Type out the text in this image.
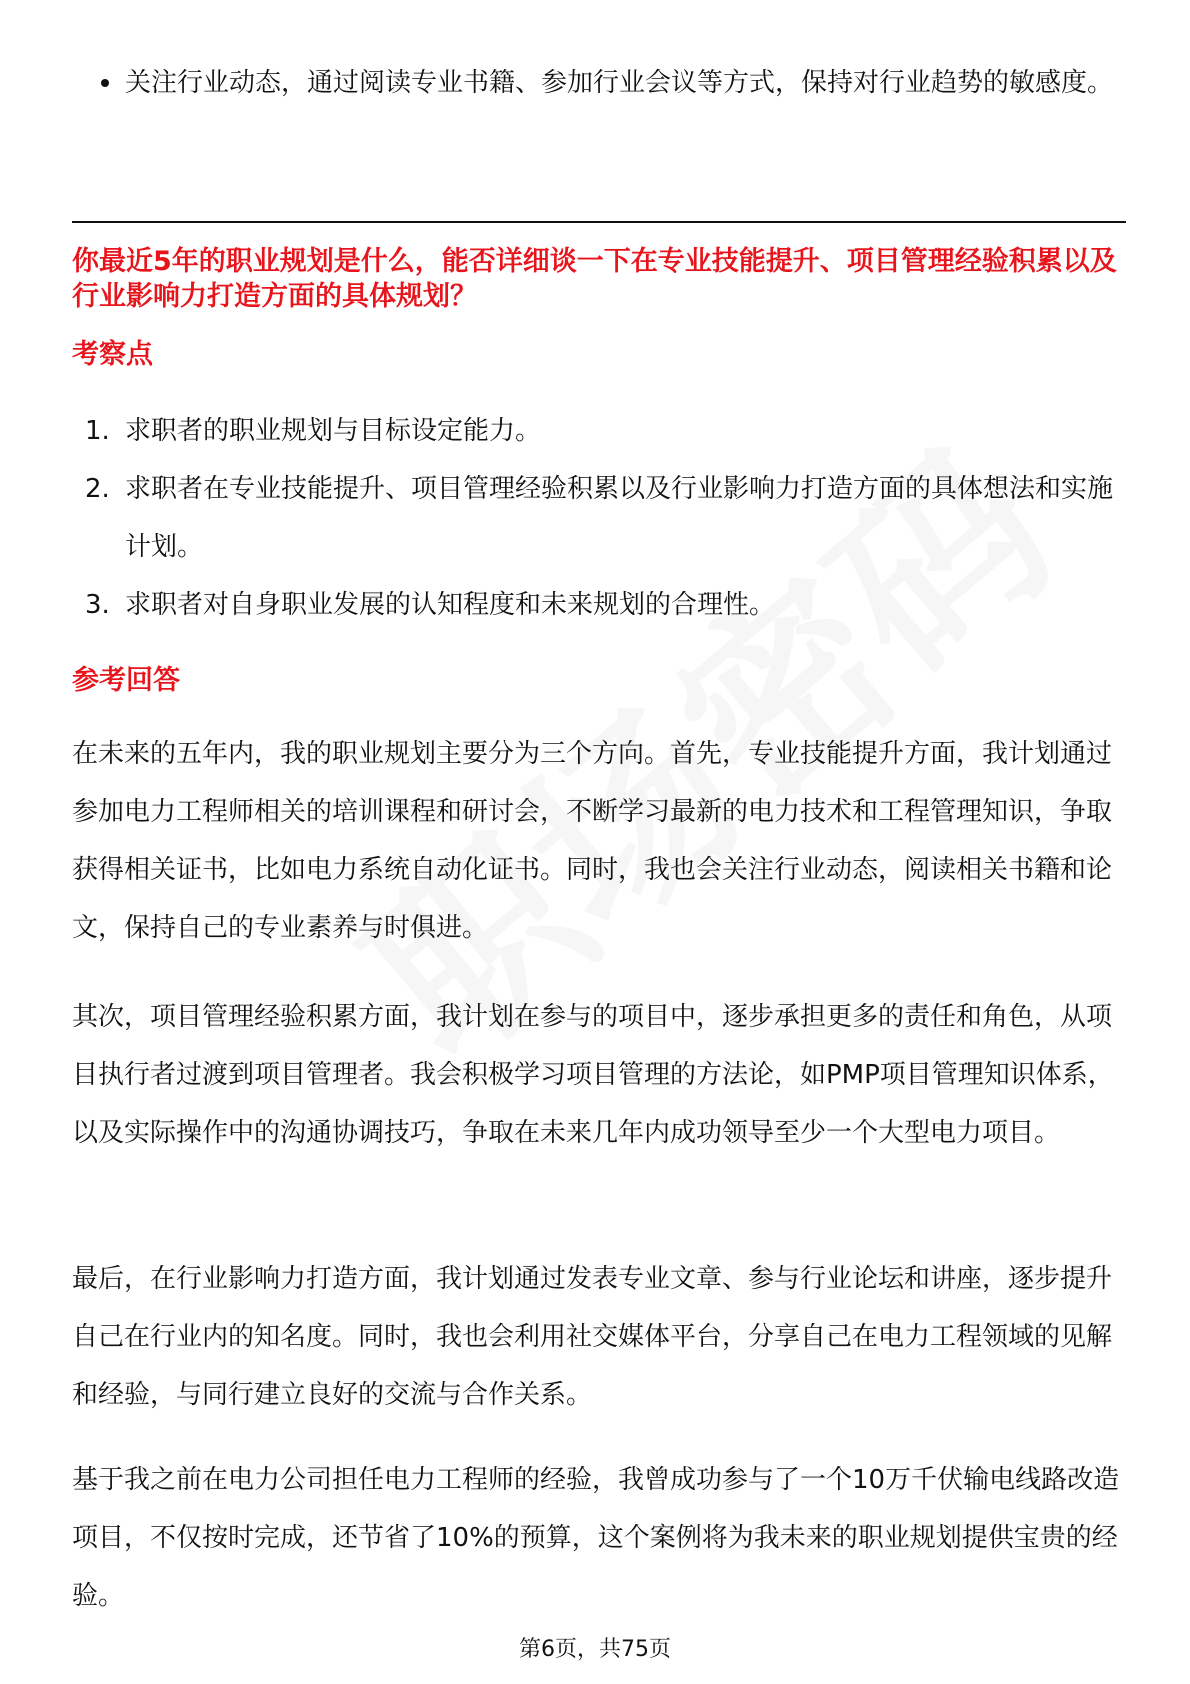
关注行业动态，通过阅读专业书籍、参加行业会议等方式，保持对行业趋势的敏感度。
你最近5年的职业规划是什么，能否详细谈一下在专业技能提升、项目管理经验积累以及行业影响力打造方面的具体规划？
考察点
1. 求职者的职业规划与目标设定能力。
2. 求职者在专业技能提升、项目管理经验积累以及行业影响力打造方面的具体想法和实施计划。
3. 求职者对自身职业发展的认知程度和未来规划的合理性。
参考回答
在未来的五年内，我的职业规划主要分为三个方向。首先，专业技能提升方面，我计划通过参加电力工程师相关的培训课程和研讨会，不断学习最新的电力技术和工程管理知识，争取获得相关证书，比如电力系统自动化证书。同时，我也会关注行业动态，阅读相关书籍和论文，保持自己的专业素养与时俱进。
其次，项目管理经验积累方面，我计划在参与的项目中，逐步承担更多的责任和角色，从项目执行者过渡到项目管理者。我会积极学习项目管理的方法论，如PMP项目管理知识体系，以及实际操作中的沟通协调技巧，争取在未来几年内成功领导至少一个大型电力项目。
最后，在行业影响力打造方面，我计划通过发表专业文章、参与行业论坛和讲座，逐步提升自己在行业内的知名度。同时，我也会利用社交媒体平台，分享自己在电力工程领域的见解和经验，与同行建立良好的交流与合作关系。
基于我之前在电力公司担任电力工程师的经验，我曾成功参与了一个10万千伏输电线路改造项目，不仅按时完成，还节省了10%的预算，这个案例将为我未来的职业规划提供宝贵的经验。
第6页，共75页
